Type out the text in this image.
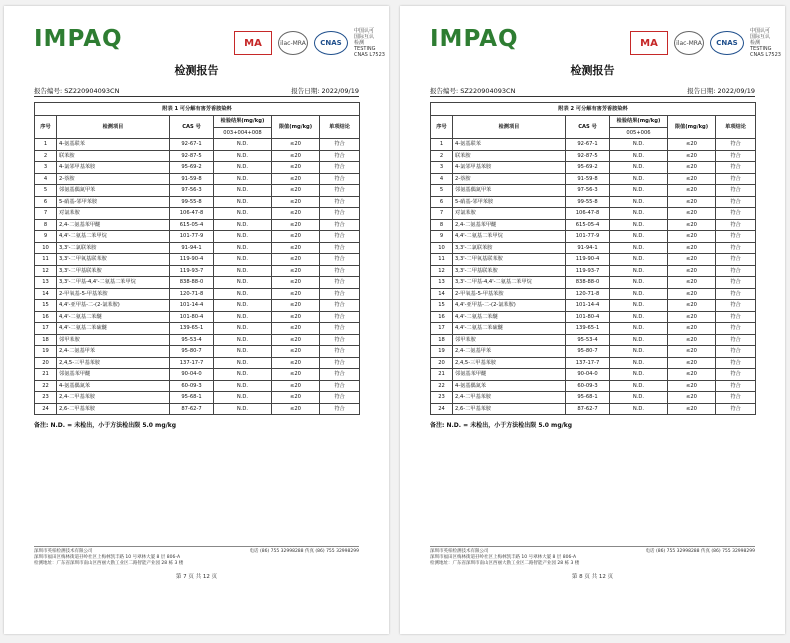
IMPAQ	MA	ilac-MRA	CNAS
中国认可
国际互认
检测
TESTING
CNAS L7523
检测报告
报告编号: SZ220904093CN	报告日期: 2022/09/19
附表 1 可分解有害芳香胺染料					
序号	检测项目	CAS 号	检验结果(mg/kg)	限值(mg/kg)	单项结论
			003+004+008		
1	4-氨基联苯	92-67-1	N.D.	≤20	符合
2	联苯胺	92-87-5	N.D.	≤20	符合
3	4-氯邻甲基苯胺	95-69-2	N.D.	≤20	符合
4	2-萘胺	91-59-8	N.D.	≤20	符合
5	邻氨基偶氮甲苯	97-56-3	N.D.	≤20	符合
6	5-硝基-邻甲苯胺	99-55-8	N.D.	≤20	符合
7	对氯苯胺	106-47-8	N.D.	≤20	符合
8	2,4-二氨基苯甲醚	615-05-4	N.D.	≤20	符合
9	4,4'-二氨基二苯甲烷	101-77-9	N.D.	≤20	符合
10	3,3'-二氯联苯胺	91-94-1	N.D.	≤20	符合
11	3,3'-二甲氧基联苯胺	119-90-4	N.D.	≤20	符合
12	3,3'-二甲基联苯胺	119-93-7	N.D.	≤20	符合
13	3,3'-二甲基-4,4'-二氨基二苯甲烷	838-88-0	N.D.	≤20	符合
14	2-甲氧基-5-甲基苯胺	120-71-8	N.D.	≤20	符合
15	4,4'-亚甲基-二-(2-氯苯胺)	101-14-4	N.D.	≤20	符合
16	4,4'-二氨基二苯醚	101-80-4	N.D.	≤20	符合
17	4,4'-二氨基二苯硫醚	139-65-1	N.D.	≤20	符合
18	邻甲苯胺	95-53-4	N.D.	≤20	符合
19	2,4-二氨基甲苯	95-80-7	N.D.	≤20	符合
20	2,4,5-三甲基苯胺	137-17-7	N.D.	≤20	符合
21	邻氨基苯甲醚	90-04-0	N.D.	≤20	符合
22	4-氨基偶氮苯	60-09-3	N.D.	≤20	符合
23	2,4-二甲基苯胺	95-68-1	N.D.	≤20	符合
24	2,6-二甲基苯胺	87-62-7	N.D.	≤20	符合
备注: N.D. = 未检出，小于方法检出限 5.0 mg/kg
深圳市英柏检测技术有限公司	电话 (86) 755 32998288 传真 (86) 755 32998299
深圳市福田区梅林街道孖岭社区上梅林凯丰路 10 号翠林大厦 8 层 806-A
检测地址：广东省深圳市南山区西丽大勘工业区二路智能产业园 28 栋 3 楼
第 7 页 共 12 页
IMPAQ	MA	ilac-MRA	CNAS
中国认可
国际互认
检测
TESTING
CNAS L7523
检测报告
报告编号: SZ220904093CN	报告日期: 2022/09/19
附表 2 可分解有害芳香胺染料					
序号	检测项目	CAS 号	检验结果(mg/kg)	限值(mg/kg)	单项结论
			005+006		
1	4-氨基联苯	92-67-1	N.D.	≤20	符合
2	联苯胺	92-87-5	N.D.	≤20	符合
3	4-氯邻甲基苯胺	95-69-2	N.D.	≤20	符合
4	2-萘胺	91-59-8	N.D.	≤20	符合
5	邻氨基偶氮甲苯	97-56-3	N.D.	≤20	符合
6	5-硝基-邻甲苯胺	99-55-8	N.D.	≤20	符合
7	对氯苯胺	106-47-8	N.D.	≤20	符合
8	2,4-二氨基苯甲醚	615-05-4	N.D.	≤20	符合
9	4,4'-二氨基二苯甲烷	101-77-9	N.D.	≤20	符合
10	3,3'-二氯联苯胺	91-94-1	N.D.	≤20	符合
11	3,3'-二甲氧基联苯胺	119-90-4	N.D.	≤20	符合
12	3,3'-二甲基联苯胺	119-93-7	N.D.	≤20	符合
13	3,3'-二甲基-4,4'-二氨基二苯甲烷	838-88-0	N.D.	≤20	符合
14	2-甲氧基-5-甲基苯胺	120-71-8	N.D.	≤20	符合
15	4,4'-亚甲基-二-(2-氯苯胺)	101-14-4	N.D.	≤20	符合
16	4,4'-二氨基二苯醚	101-80-4	N.D.	≤20	符合
17	4,4'-二氨基二苯硫醚	139-65-1	N.D.	≤20	符合
18	邻甲苯胺	95-53-4	N.D.	≤20	符合
19	2,4-二氨基甲苯	95-80-7	N.D.	≤20	符合
20	2,4,5-三甲基苯胺	137-17-7	N.D.	≤20	符合
21	邻氨基苯甲醚	90-04-0	N.D.	≤20	符合
22	4-氨基偶氮苯	60-09-3	N.D.	≤20	符合
23	2,4-二甲基苯胺	95-68-1	N.D.	≤20	符合
24	2,6-二甲基苯胺	87-62-7	N.D.	≤20	符合
备注: N.D. = 未检出，小于方法检出限 5.0 mg/kg
深圳市英柏检测技术有限公司	电话 (86) 755 32998288 传真 (86) 755 32998299
深圳市福田区梅林街道孖岭社区上梅林凯丰路 10 号翠林大厦 8 层 806-A
检测地址：广东省深圳市南山区西丽大勘工业区二路智能产业园 28 栋 3 楼
第 8 页 共 12 页
